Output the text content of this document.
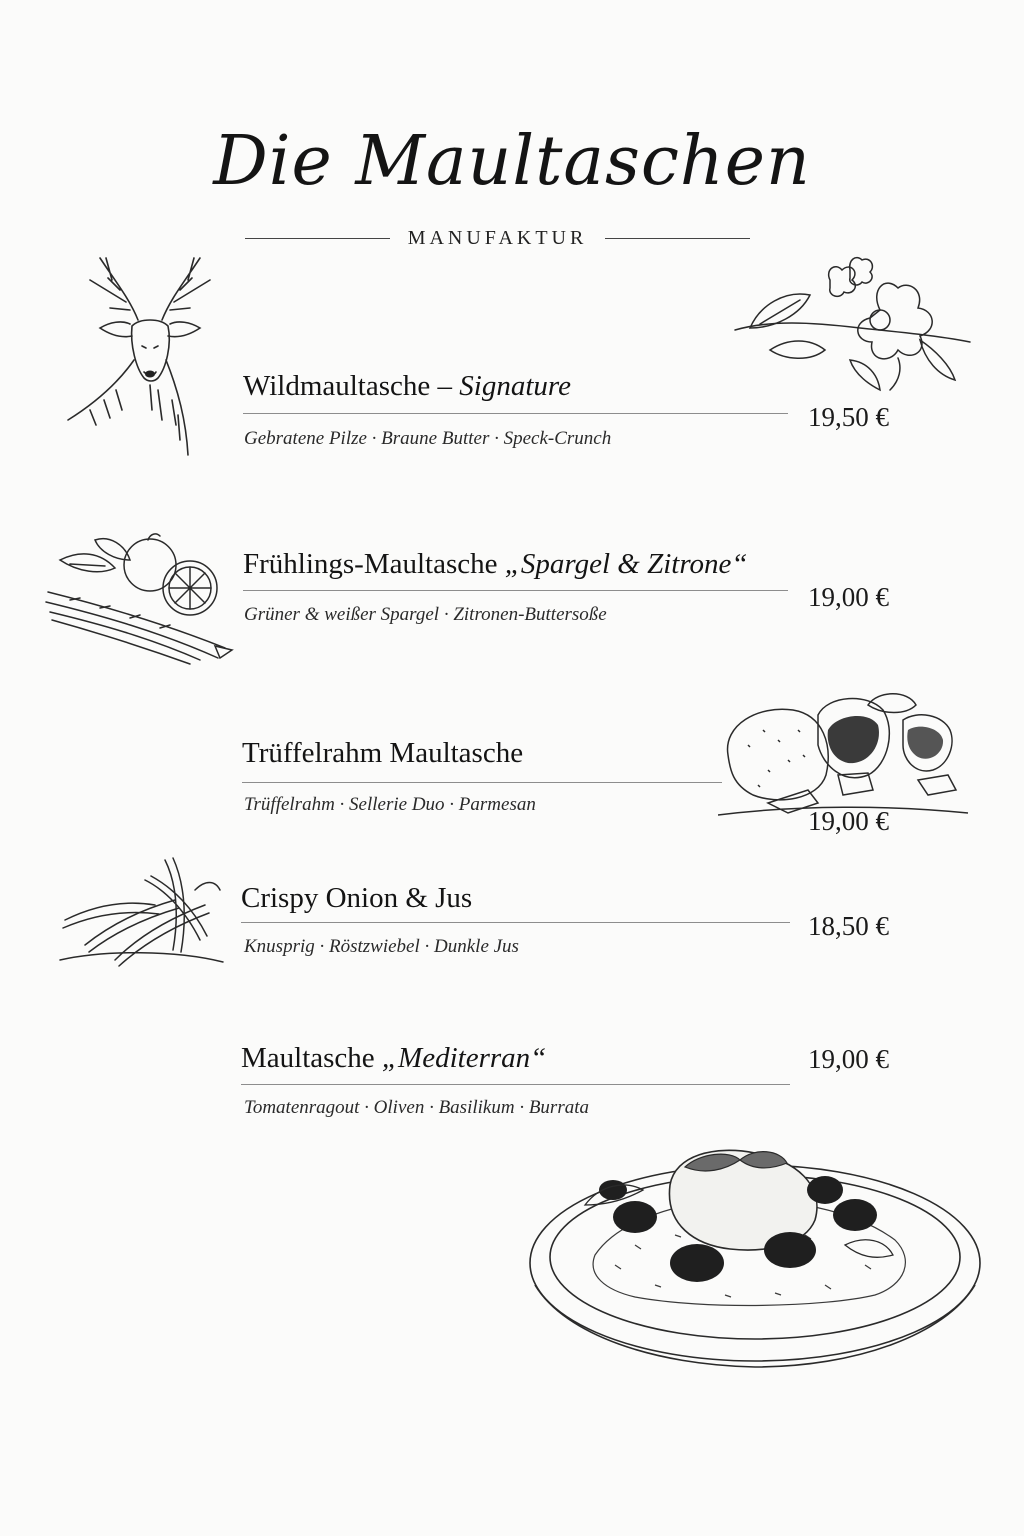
Die Maultaschen
MANUFAKTUR
Wildmaultasche – Signature
Gebratene Pilze · Braune Butter · Speck-Crunch
19,50 €
Frühlings-Maultasche „Spargel & Zitrone“
Grüner & weißer Spargel · Zitronen-Buttersoße
19,00 €
Trüffelrahm Maultasche
Trüffelrahm · Sellerie Duo · Parmesan
19,00 €
Crispy Onion & Jus
Knusprig · Röstzwiebel · Dunkle Jus
18,50 €
Maultasche „Mediterran“
Tomatenragout · Oliven · Basilikum · Burrata
19,00 €
